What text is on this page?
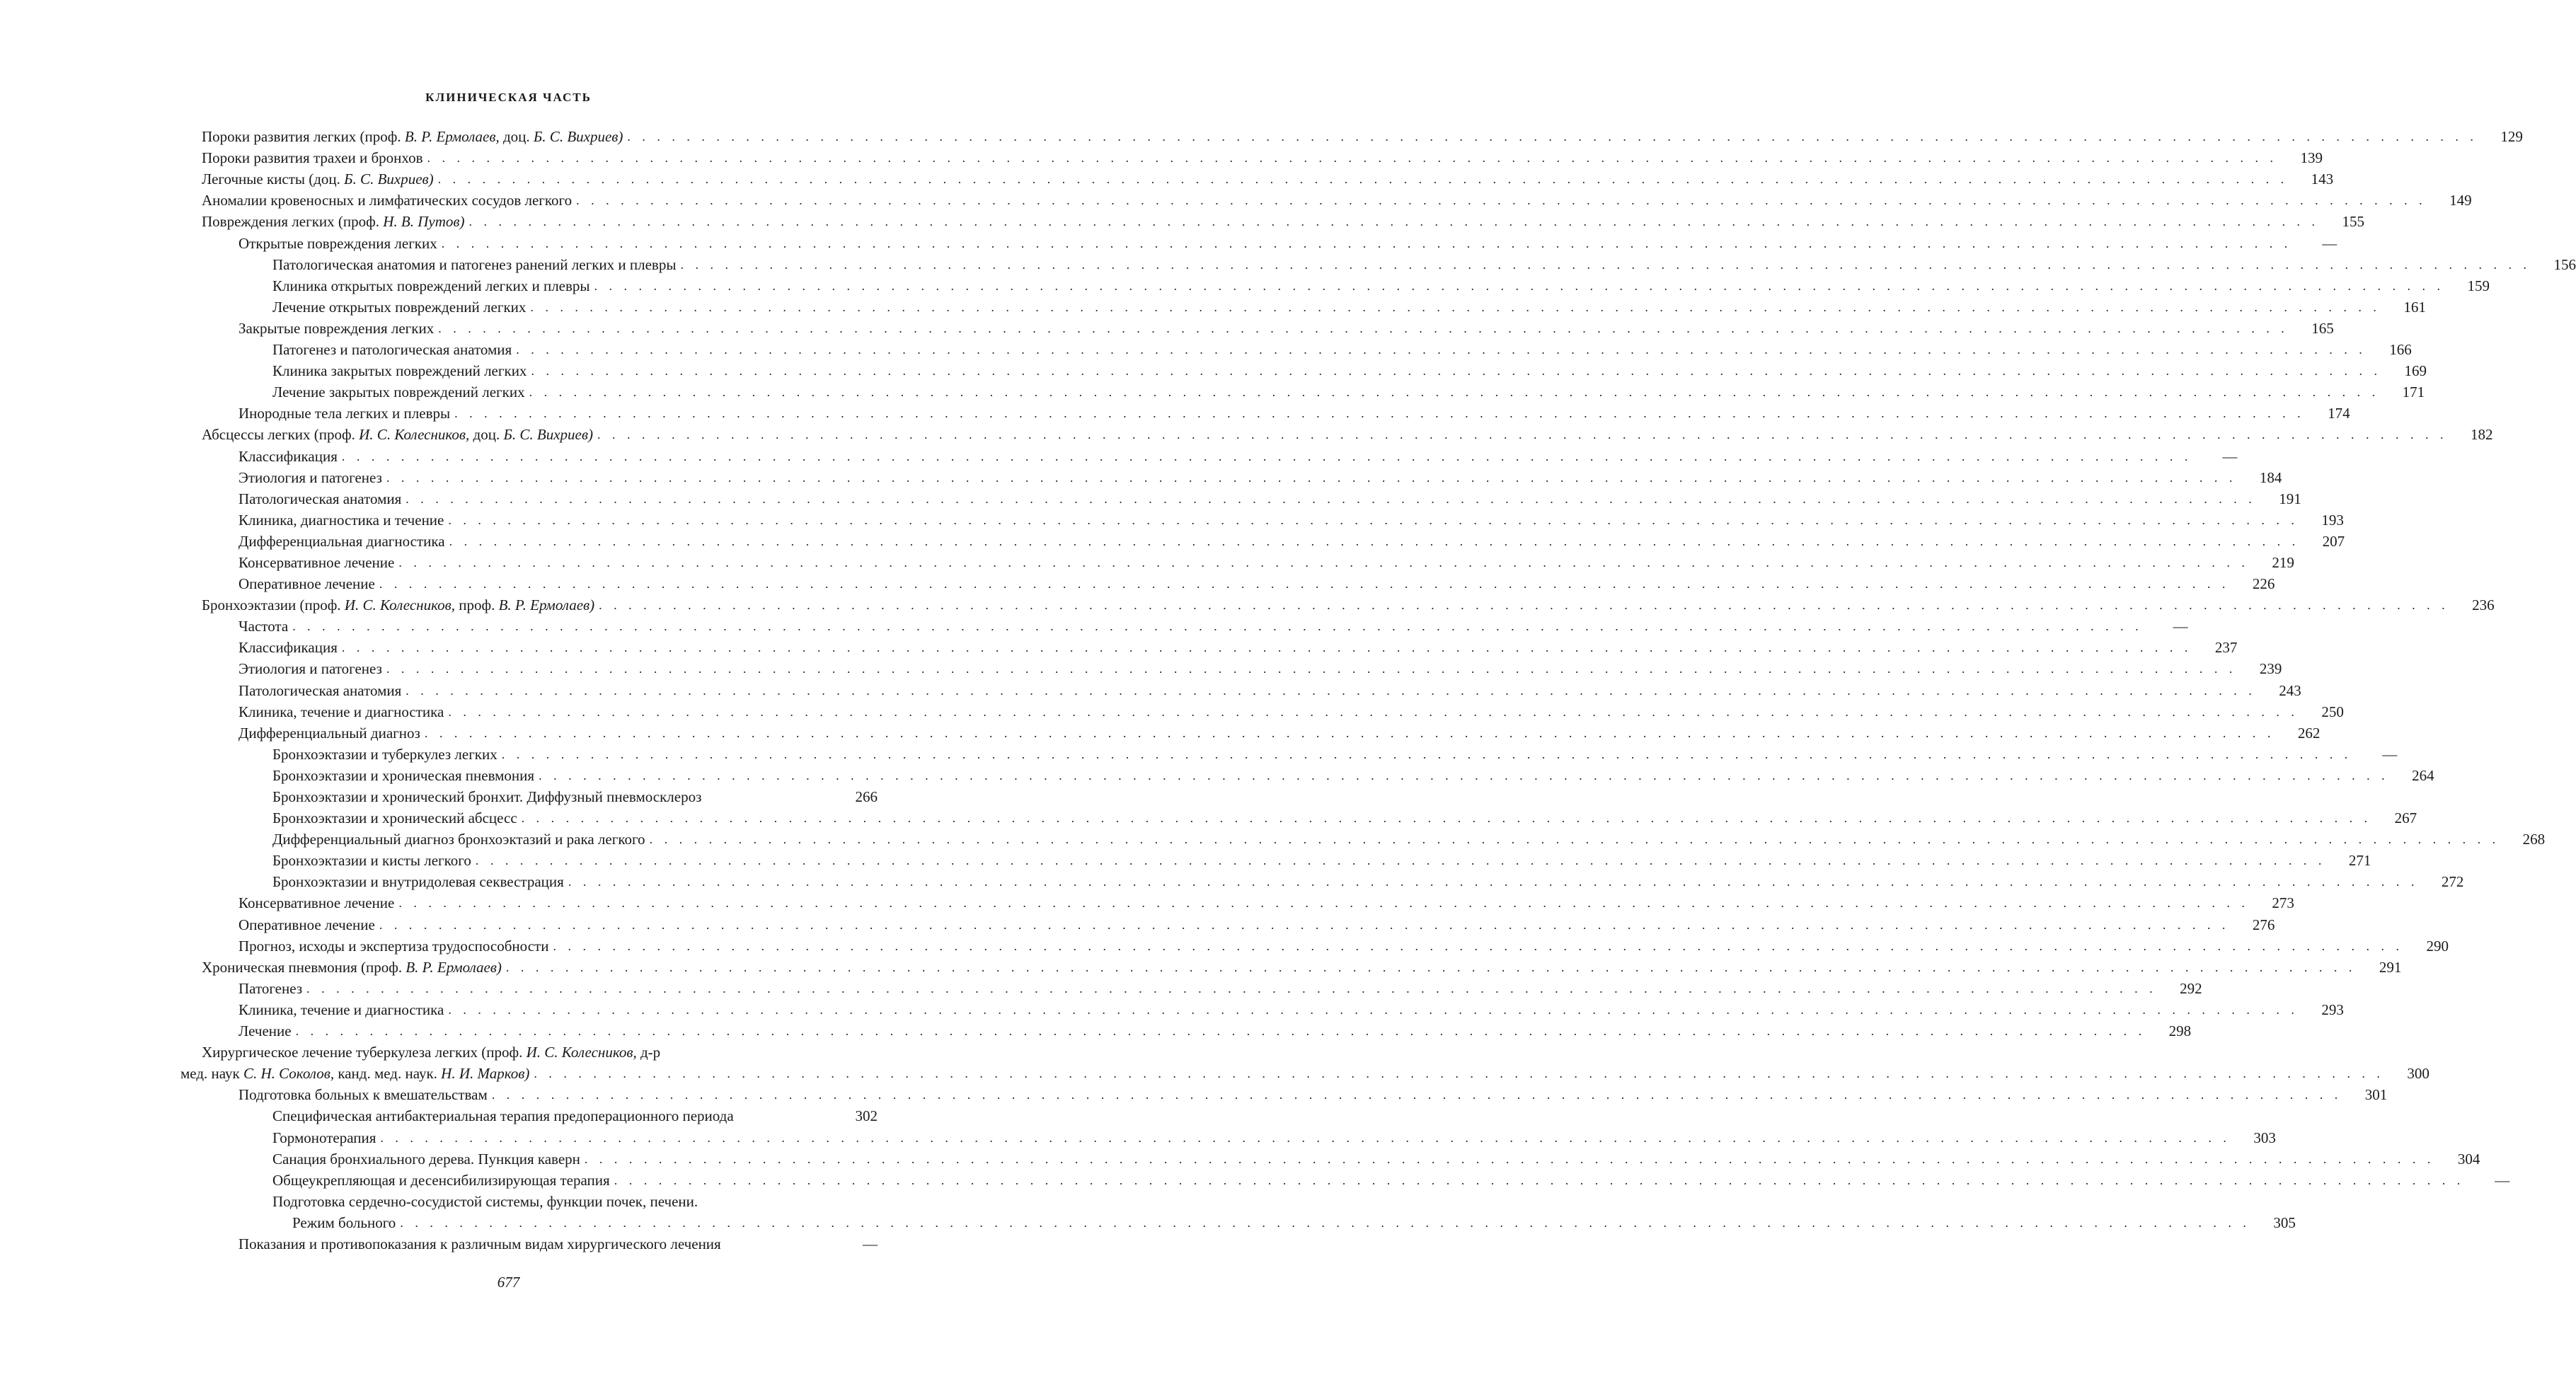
КЛИНИЧЕСКАЯ ЧАСТЬ
Пороки развития легких (проф. В. Р. Ермолаев, доц. Б. С. Вихриев) . . .	129
Пороки развития трахеи и бронхов . . .	139
Легочные кисты (доц. Б. С. Вихриев) . . .	143
Аномалии кровеносных и лимфатических сосудов легкого . . .	149
Повреждения легких (проф. Н. В. Путов) . . .	155
Открытые повреждения легких . . .	—
Патологическая анатомия и патогенез ранений легких и плевры . . .	156
Клиника открытых повреждений легких и плевры . . .	159
Лечение открытых повреждений легких . . .	161
Закрытые повреждения легких . . .	165
Патогенез и патологическая анатомия . . .	166
Клиника закрытых повреждений легких . . .	169
Лечение закрытых повреждений легких . . .	171
Инородные тела легких и плевры . . .	174
Абсцессы легких (проф. И. С. Колесников, доц. Б. С. Вихриев) . . .	182
Классификация . . .	—
Этиология и патогенез . . .	184
Патологическая анатомия . . .	191
Клиника, диагностика и течение . . .	193
Дифференциальная диагностика . . .	207
Консервативное лечение . . .	219
Оперативное лечение . . .	226
Бронхоэктазии (проф. И. С. Колесников, проф. В. Р. Ермолаев) . . .	236
Частота . . .	—
Классификация . . .	237
Этиология и патогенез . . .	239
Патологическая анатомия . . .	243
Клиника, течение и диагностика . . .	250
Дифференциальный диагноз . . .	262
Бронхоэктазии и туберкулез легких . . .	—
Бронхоэктазии и хроническая пневмония . . .	264
Бронхоэктазии и хронический бронхит. Диффузный пневмосклероз	266
Бронхоэктазии и хронический абсцесс . . .	267
Дифференциальный диагноз бронхоэктазий и рака легкого . . .	268
Бронхоэктазии и кисты легкого . . .	271
Бронхоэктазии и внутридолевая секвестрация . . .	272
Консервативное лечение . . .	273
Оперативное лечение . . .	276
Прогноз, исходы и экспертиза трудоспособности . . .	290
Хроническая пневмония (проф. В. Р. Ермолаев) . . .	291
Патогенез . . .	292
Клиника, течение и диагностика . . .	293
Лечение . . .	298
Хирургическое лечение туберкулеза легких (проф. И. С. Колесников, д-р
мед. наук С. Н. Соколов, канд. мед. наук. Н. И. Марков) . . .	300
Подготовка больных к вмешательствам . . .	301
Специфическая антибактериальная терапия предоперационного периода	302
Гормонотерапия . . .	303
Санация бронхиального дерева. Пункция каверн . . .	304
Общеукрепляющая и десенсибилизирующая терапия . . .	—
Подготовка сердечно-сосудистой системы, функции почек, печени.
Режим больного . . .	305
Показания и противопоказания к различным видам хирургического лечения	—
677
